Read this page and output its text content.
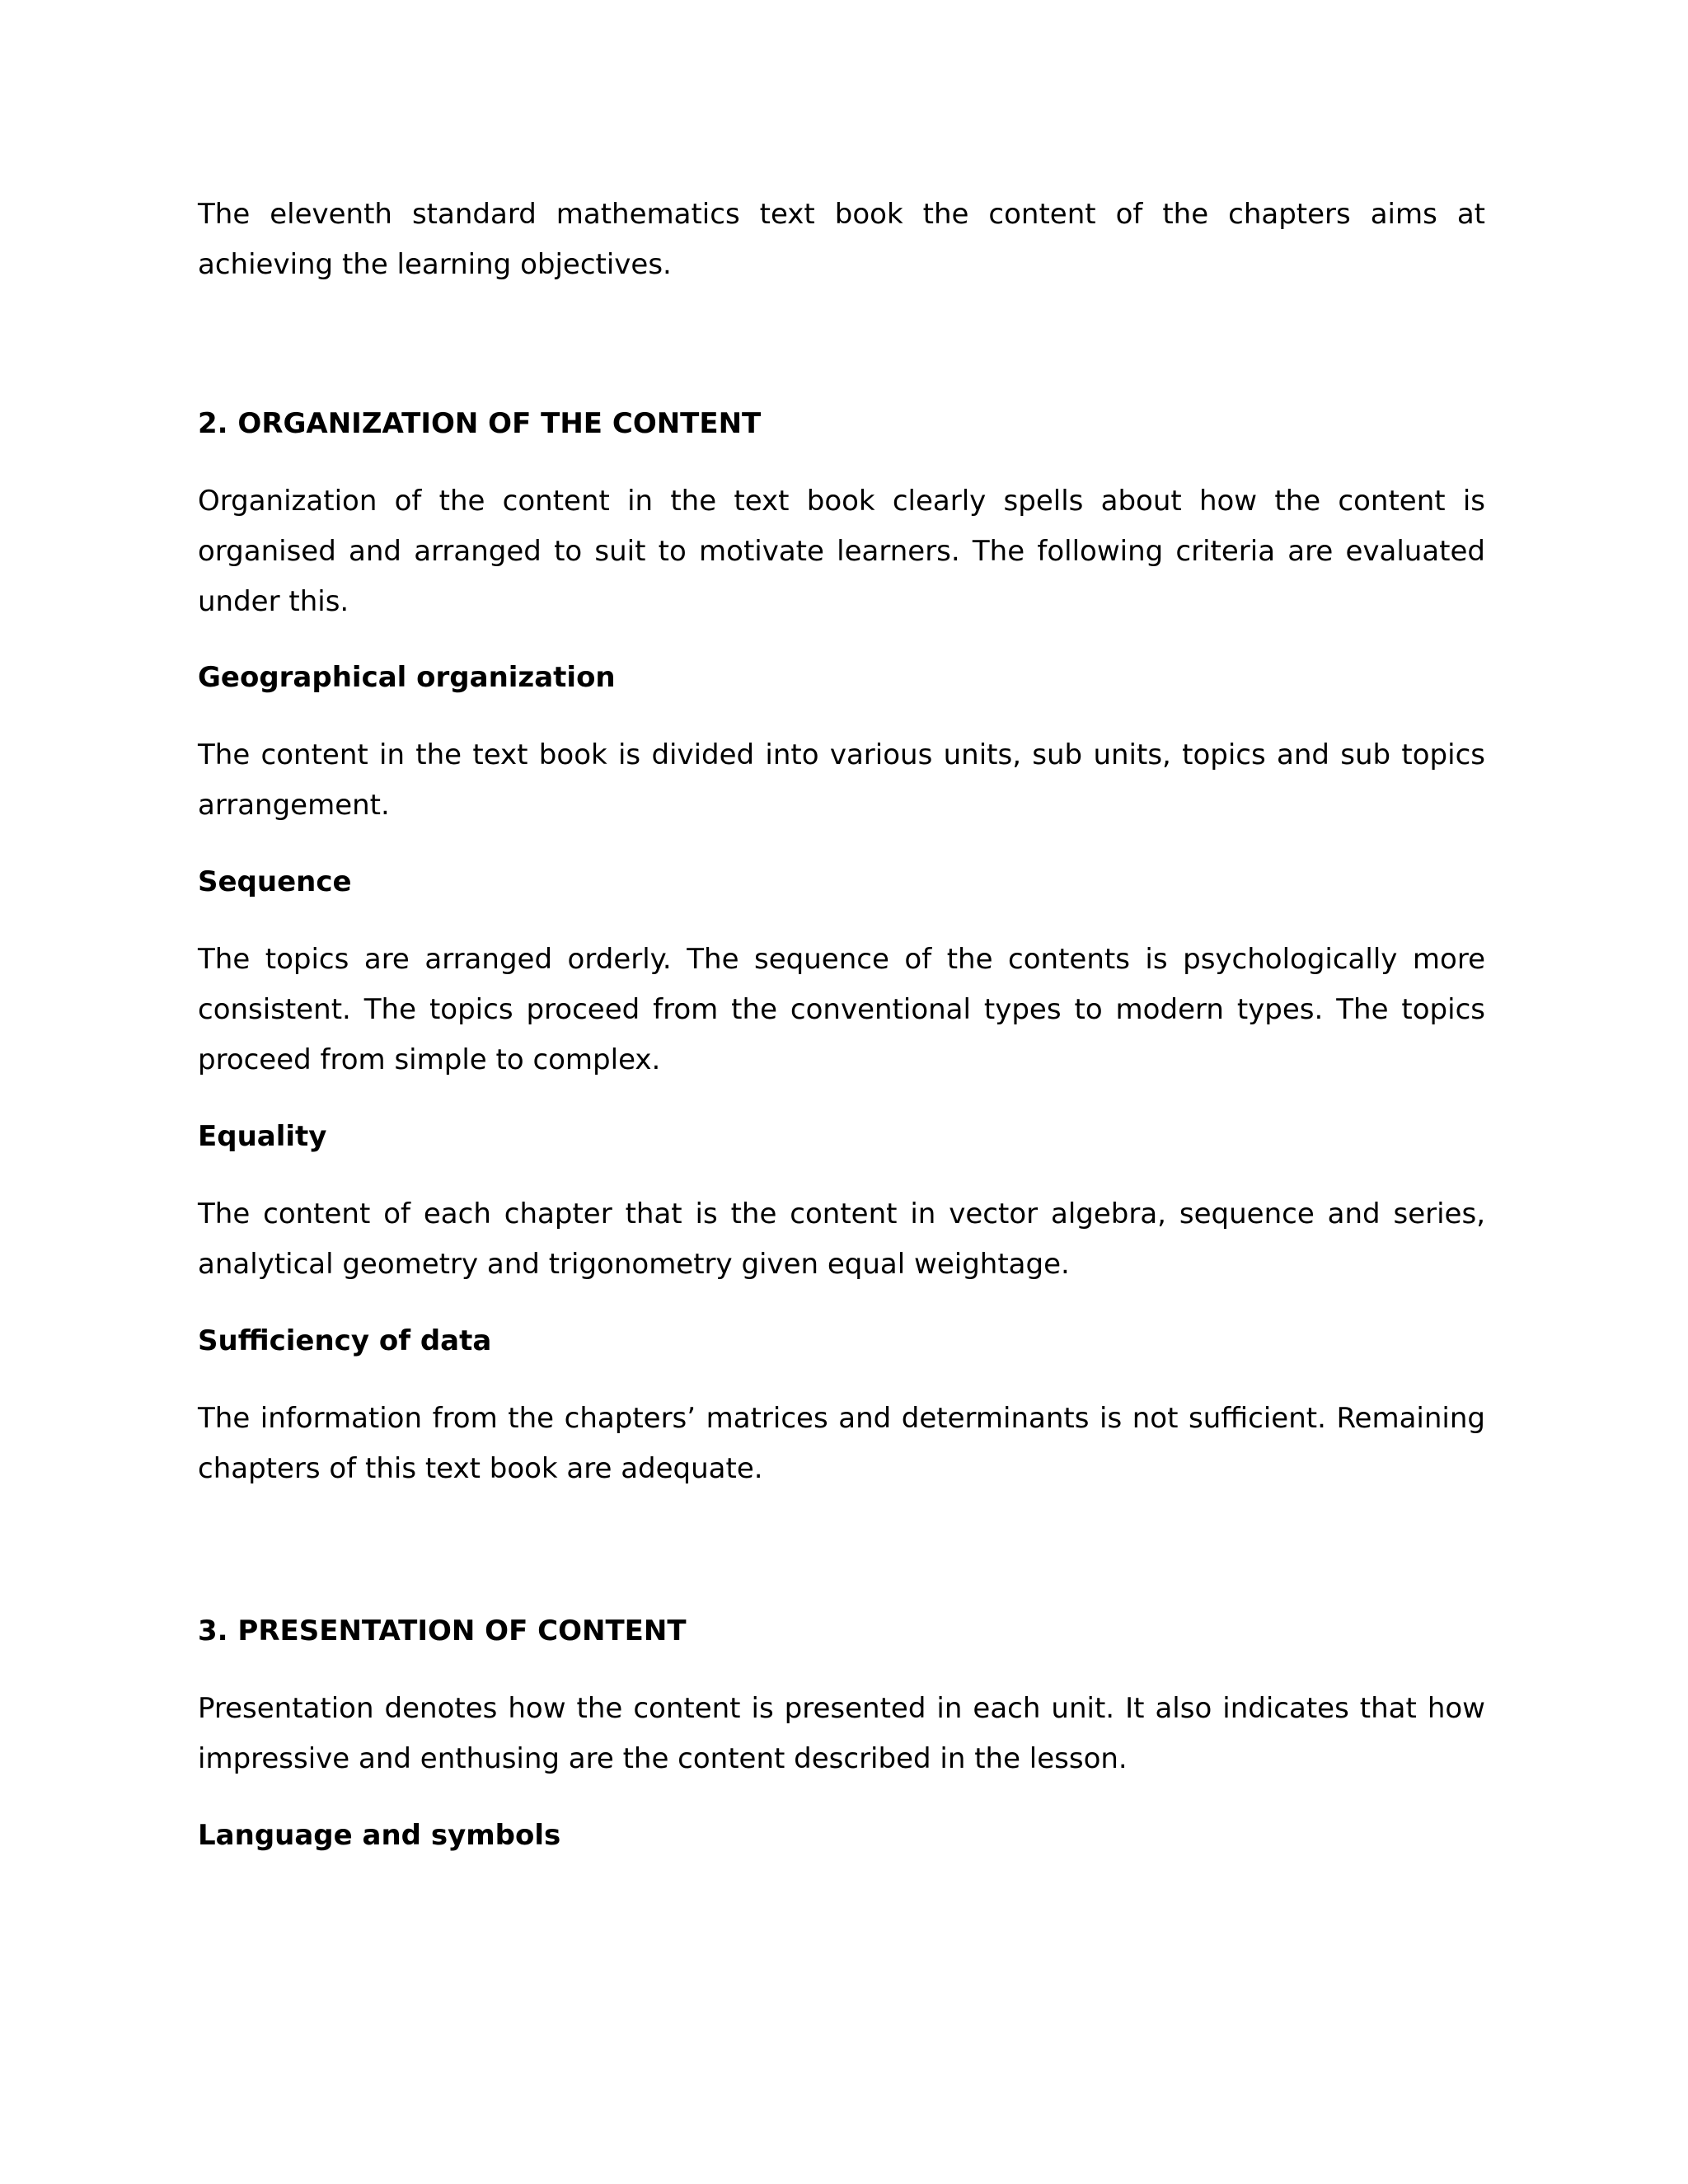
The eleventh standard mathematics text book the content of the chapters aims at achieving the learning objectives.

2. ORGANIZATION OF THE CONTENT

Organization of the content in the text book clearly spells about how the content is organised and arranged to suit to motivate learners. The following criteria are evaluated under this.

Geographical organization

The content in the text book is divided into various units, sub units, topics and sub topics arrangement.

Sequence

The topics are arranged orderly. The sequence of the contents is psychologically more consistent. The topics proceed from the conventional types to modern types. The topics proceed from simple to complex.

Equality

The content of each chapter that is the content in vector algebra, sequence and series, analytical geometry and trigonometry given equal weightage.

Sufficiency of data

The information from the chapters’ matrices and determinants is not sufficient. Remaining chapters of this text book are adequate.

3. PRESENTATION OF CONTENT

Presentation denotes how the content is presented in each unit. It also indicates that how impressive and enthusing are the content described in the lesson.

Language and symbols
